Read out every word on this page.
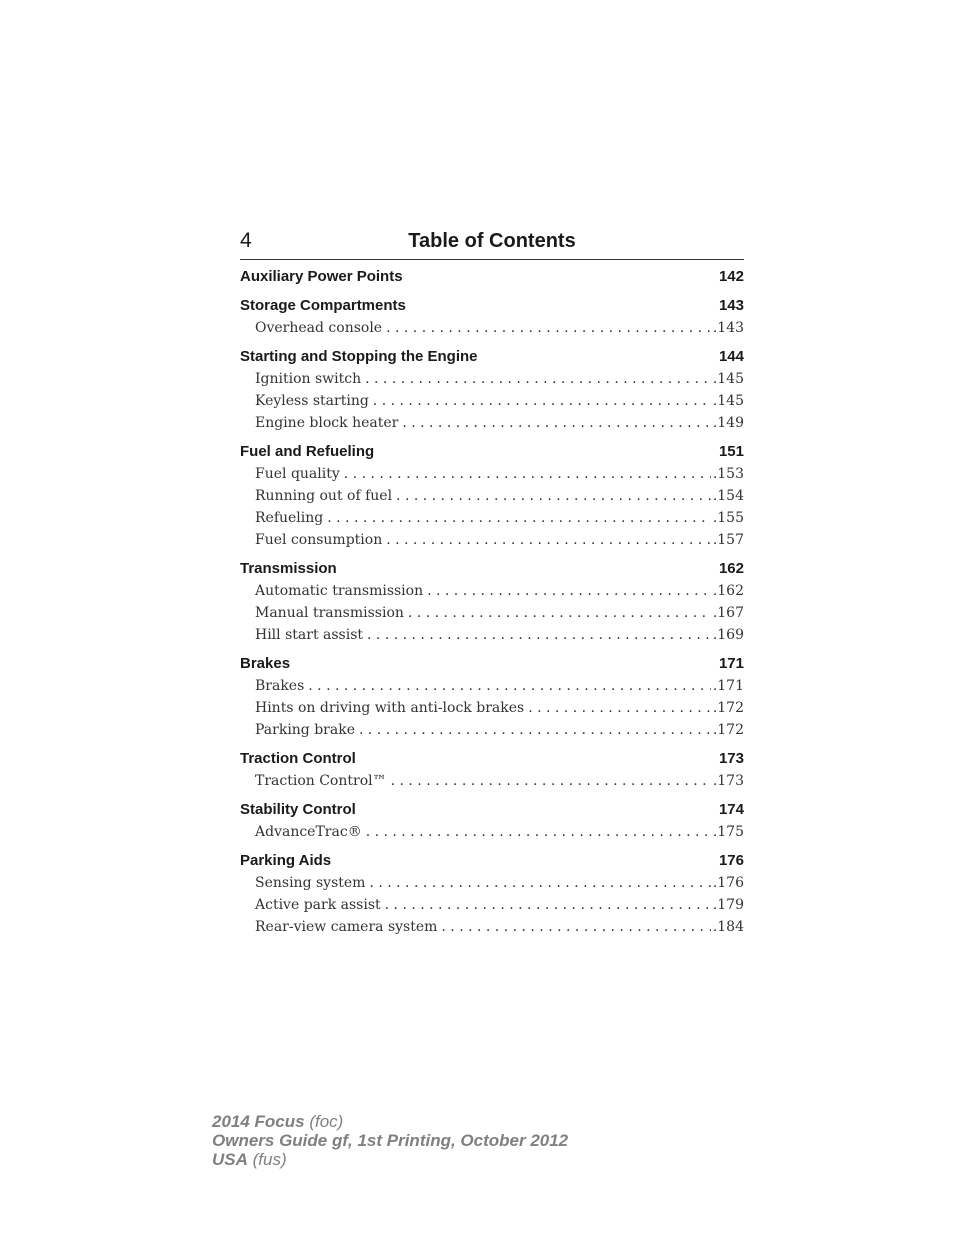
4	Table of Contents
Auxiliary Power Points	142
Storage Compartments	143
Overhead console . . .	.143
Starting and Stopping the Engine	144
Ignition switch . . .	.145
Keyless starting . . .	.145
Engine block heater . . .	.149
Fuel and Refueling	151
Fuel quality . . .	.153
Running out of fuel . . .	.154
Refueling . . .	.155
Fuel consumption . . .	.157
Transmission	162
Automatic transmission . . .	.162
Manual transmission . . .	.167
Hill start assist . . .	.169
Brakes	171
Brakes . . .	.171
Hints on driving with anti-lock brakes . . .	.172
Parking brake . . .	.172
Traction Control	173
Traction Control™ . . .	.173
Stability Control	174
AdvanceTrac® . . .	.175
Parking Aids	176
Sensing system . . .	.176
Active park assist . . .	.179
Rear-view camera system . . .	.184
2014 Focus (foc)
Owners Guide gf, 1st Printing, October 2012
USA (fus)
